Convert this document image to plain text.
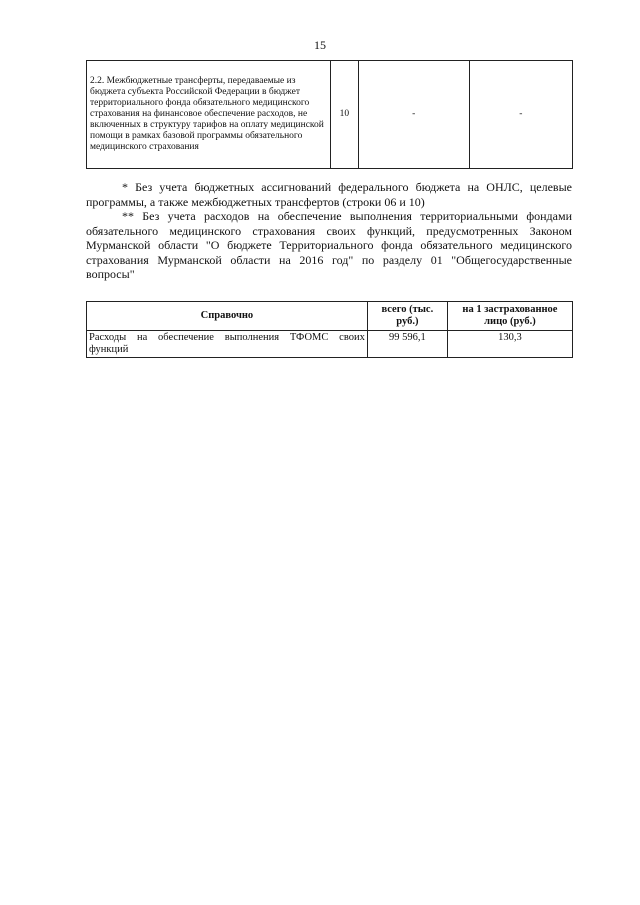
15
2.2. Межбюджетные трансферты, передаваемые из бюджета субъекта Российской Федерации в бюджет территориального фонда обязательного медицинского страхования на финансовое обеспечение расходов, не включенных в структуру тарифов на оплату медицинской помощи в рамках базовой программы обязательного медицинского страхования	10	-	-

* Без учета бюджетных ассигнований федерального бюджета на ОНЛС, целевые программы, а также межбюджетных трансфертов (строки 06 и 10)

** Без учета расходов на обеспечение выполнения территориальными фондами обязательного медицинского страхования своих функций, предусмотренных Законом Мурманской области "О бюджете Территориального фонда обязательного медицинского страхования Мурманской области на 2016 год" по разделу 01 "Общегосударственные вопросы"

Справочно	всего (тыс. руб.)	на 1 застрахованное лицо (руб.)
Расходы на обеспечение выполнения ТФОМС своих функций	99 596,1	130,3
